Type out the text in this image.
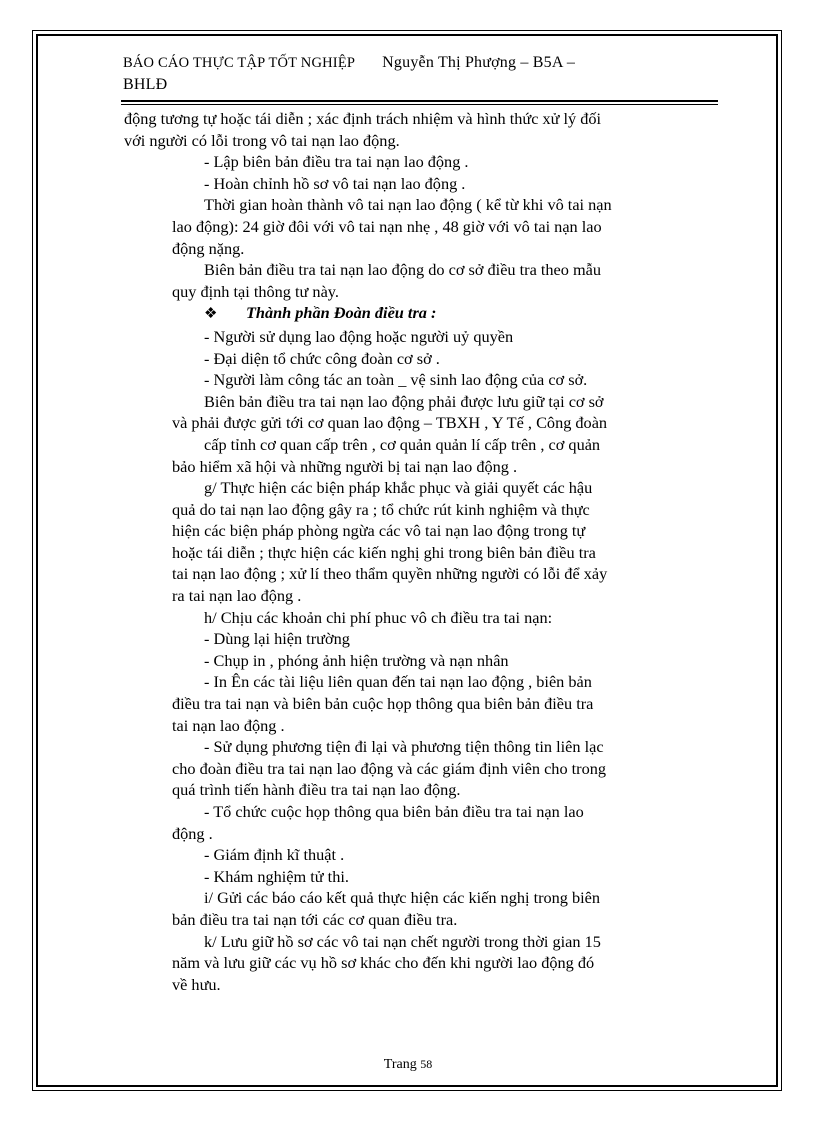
BÁO CÁO THỰC TẬP TỐT NGHIỆP Nguyễn Thị Phượng – B5A –
BHLĐ

động tương tự hoặc tái diễn ; xác định trách nhiệm và hình thức xử lý đối

với người có lỗi trong vô tai nạn lao động.

- Lập biên bản điều tra tai nạn lao động .

- Hoàn chỉnh hồ sơ vô tai nạn lao động .

Thời gian hoàn thành vô tai nạn lao động ( kể từ khi vô tai nạn

lao động): 24 giờ đôi với vô tai nạn nhẹ , 48 giờ với vô tai nạn lao

động nặng.

Biên bản điều tra tai nạn lao động do cơ sở điều tra theo mẫu

quy định tại thông tư này.

❖ Thành phần Đoàn điều tra :

- Người sử dụng lao động hoặc người uỷ quyền

- Đại diện tổ chức công đoàn cơ sở .

- Người làm công tác an toàn _ vệ sinh lao động của cơ sở.

Biên bản điều tra tai nạn lao động phải được lưu giữ tại cơ sở

và phải được gửi tới cơ quan lao động – TBXH , Y Tế , Công đoàn

cấp tỉnh cơ quan cấp trên , cơ quản quản lí cấp trên , cơ quản

bảo hiểm xã hội và những người bị tai nạn lao động .

g/ Thực hiện các biện pháp khắc phục và giải quyết các hậu

quả do tai nạn lao động gây ra ; tổ chức rút kinh nghiệm và thực

hiện các biện pháp phòng ngừa các vô tai nạn lao động trong tự

hoặc tái diễn ; thực hiện các kiến nghị ghi trong biên bản điều tra

tai nạn lao động ; xử lí theo thẩm quyền những người có lỗi để xảy

ra tai nạn lao động .

h/ Chịu các khoản chi phí phuc vô ch điều tra tai nạn:

- Dùng lại hiện trường

- Chụp in , phóng ảnh hiện trường và nạn nhân

- In Ên các tài liệu liên quan đến tai nạn lao động , biên bản

điều tra tai nạn và biên bản cuộc họp thông qua biên bản điều tra

tai nạn lao động .

- Sử dụng phương tiện đi lại và phương tiện thông tin liên lạc

cho đoàn điều tra tai nạn lao động và các giám định viên cho trong

quá trình tiến hành điều tra tai nạn lao động.

- Tổ chức cuộc họp thông qua biên bản điều tra tai nạn lao

động .

- Giám định kĩ thuật .

- Khám nghiệm tử thi.

i/ Gửi các báo cáo kết quả thực hiện các kiến nghị trong biên

bản điều tra tai nạn tới các cơ quan điều tra.

k/ Lưu giữ hồ sơ các vô tai nạn chết người trong thời gian 15

năm và lưu giữ các vụ hồ sơ khác cho đến khi người lao động đó

về hưu.

Trang 58
